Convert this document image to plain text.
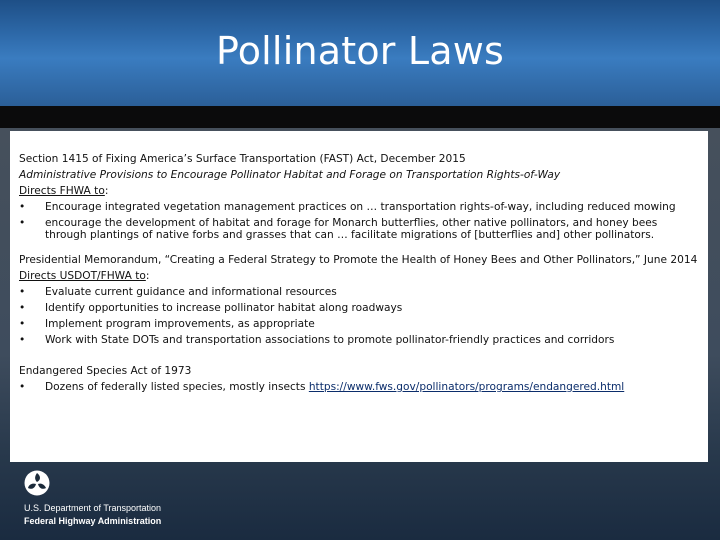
Pollinator Laws
Section 1415 of Fixing America’s Surface Transportation (FAST) Act, December 2015
Administrative Provisions to Encourage Pollinator Habitat and Forage on Transportation Rights-of-Way
Directs FHWA to:
•	Encourage integrated vegetation management practices on … transportation rights-of-way, including reduced mowing
•	encourage the development of habitat and forage for Monarch butterflies, other native pollinators, and honey bees through plantings of native forbs and grasses that can … facilitate migrations of [butterflies and] other pollinators.
Presidential Memorandum, “Creating a Federal Strategy to Promote the Health of Honey Bees and Other Pollinators,” June 2014
Directs USDOT/FHWA to:
•	Evaluate current guidance and informational resources
•	Identify opportunities to increase pollinator habitat along roadways
•	Implement program improvements, as appropriate
•	Work with State DOTs and transportation associations to promote pollinator-friendly practices and corridors
Endangered Species Act of 1973
•	Dozens of federally listed species, mostly insects https://www.fws.gov/pollinators/programs/endangered.html
U.S. Department of Transportation
Federal Highway Administration
